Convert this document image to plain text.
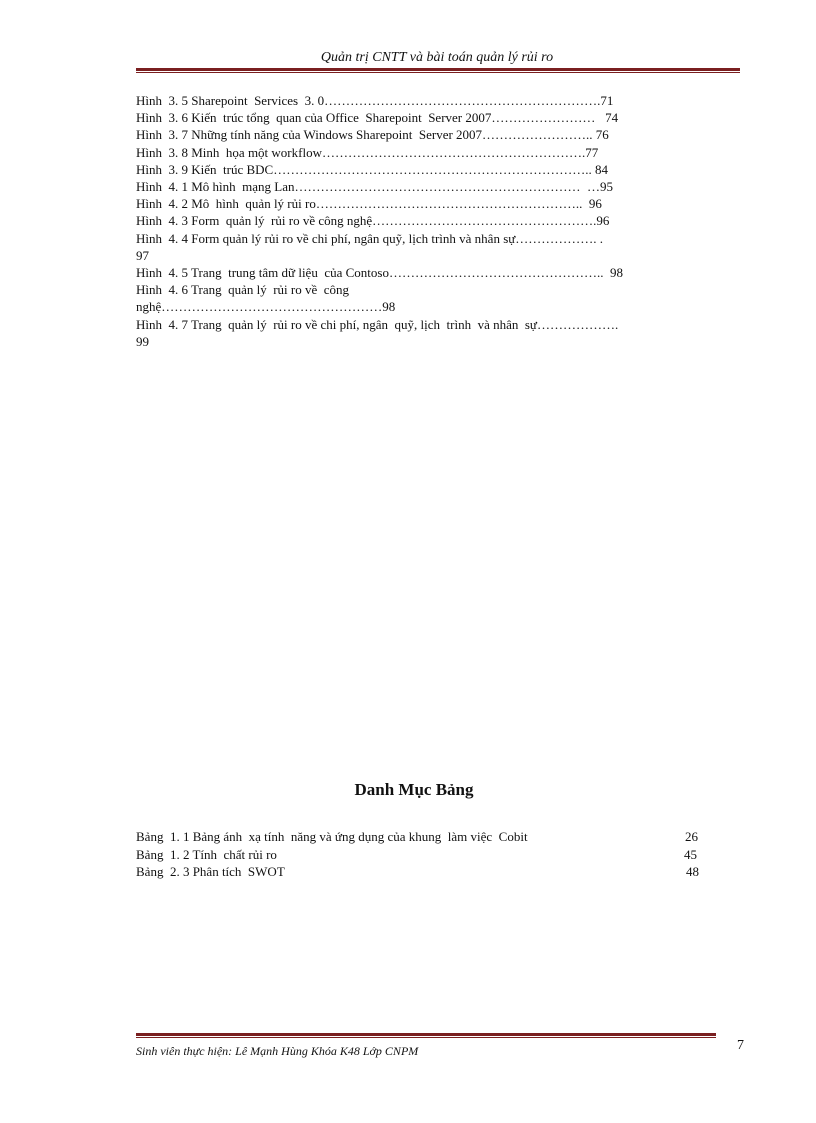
Quản trị CNTT và bài toán quản lý rủi ro
Hình  3. 5 Sharepoint  Services  3. 0……………………………………………………….71
Hình  3. 6 Kiến  trúc tổng  quan của Office  Sharepoint  Server 2007……………………   74
Hình  3. 7 Những tính năng của Windows Sharepoint  Server 2007…………………….. 76
Hình  3. 8 Minh  họa một workflow…………………………………………………….77
Hình  3. 9 Kiến  trúc BDC……………………………………………………………….. 84
Hình  4. 1 Mô hình  mạng Lan…………………………………………………………  …95
Hình  4. 2 Mô  hình  quản lý rủi ro……………………………………………………..  96
Hình  4. 3 Form  quản lý  rủi ro về công nghệ…………………………………………….96
Hình  4. 4 Form quản lý rủi ro về chi phí, ngân quỹ, lịch trình và nhân sự………………. .
97
Hình  4. 5 Trang  trung tâm dữ liệu  của Contoso…………………………………………..  98
Hình  4. 6 Trang  quản lý  rủi ro về  công
nghệ……………………………………………98
Hình  4. 7 Trang  quản lý  rủi ro về chi phí, ngân  quỹ, lịch  trình  và nhân  sự……………….
99
Danh Mục Bảng
Bảng  1. 1 Bảng ánh  xạ tính  năng và ứng dụng của khung  làm việc  Cobit	26
Bảng  1. 2 Tính  chất rủi ro	45
Bảng  2. 3 Phân tích  SWOT	48
Sinh viên thực hiện: Lê Mạnh Hùng Khóa K48 Lớp CNPM	7
